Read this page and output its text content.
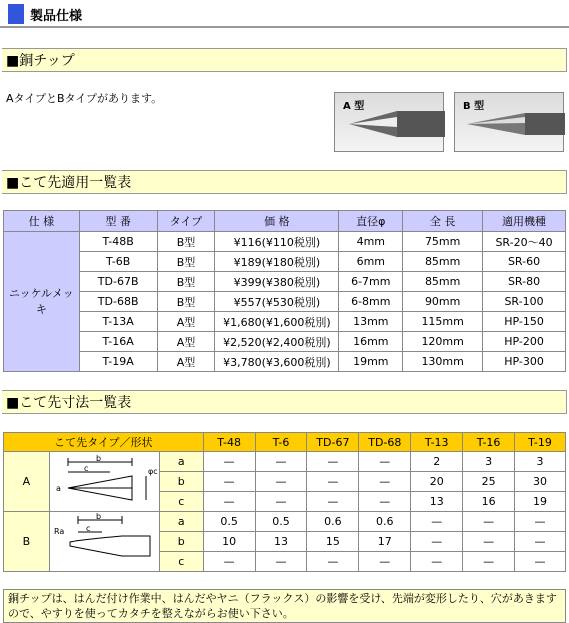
製品仕様
■銅チップ
AタイプとBタイプがあります。
A 型	B 型
■こて先適用一覧表
仕 様	型 番	タイプ	価 格	直径φ	全 長	適用機種
ニッケルメッキ	T-48B	B型	¥116(¥110税別)	4mm	75mm	SR-20〜40
	T-6B	B型	¥189(¥180税別)	6mm	85mm	SR-60
	TD-67B	B型	¥399(¥380税別)	6-7mm	85mm	SR-80
	TD-68B	B型	¥557(¥530税別)	6-8mm	90mm	SR-100
	T-13A	A型	¥1,680(¥1,600税別)	13mm	115mm	HP-150
	T-16A	A型	¥2,520(¥2,400税別)	16mm	120mm	HP-200
	T-19A	A型	¥3,780(¥3,600税別)	19mm	130mm	HP-300
■こて先寸法一覧表
こて先タイプ／形状			T-48	T-6	TD-67	TD-68	T-13	T-16	T-19
A	b
c φc
a	a	—	—	—	—	2	3	3
		b	—	—	—	—	20	25	30
		c	—	—	—	—	13	16	19
B	b
c
Ra	a	0.5	0.5	0.6	0.6	—	—	—
		b	10	13	15	17	—	—	—
		c	—	—	—	—	—	—	—
銅チップは、はんだ付け作業中、はんだやヤニ（フラックス）の影響を受け、先端が変形したり、穴があきますので、やすりを使ってカタチを整えながらお使い下さい。
